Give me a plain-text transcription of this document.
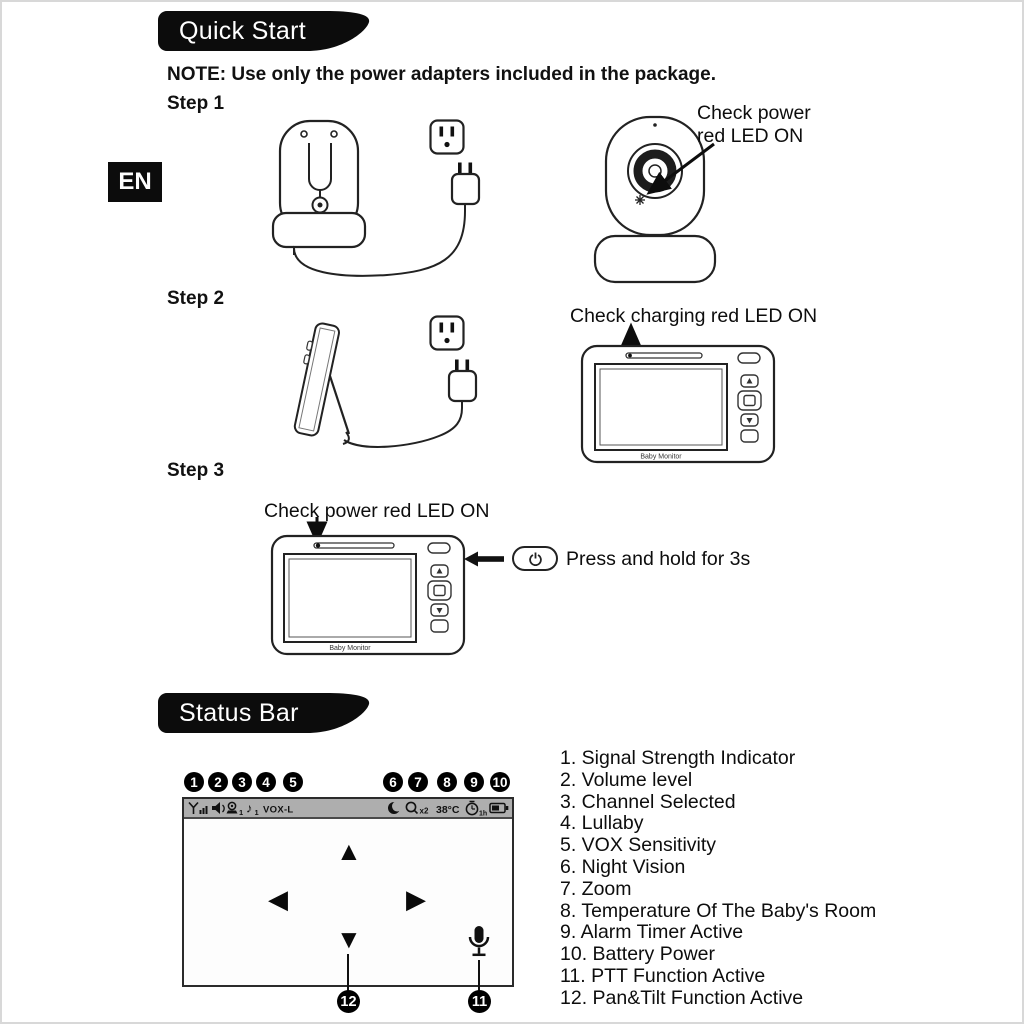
Quick Start
NOTE: Use only the power adapters included in the package.
EN
Step 1	Check power
red LED ON
Step 2
Check charging red LED ON
Baby Monitor
Step 3
Check power red LED ON
Baby Monitor
Press and hold for 3s
Status Bar
1	2	3	4	5	6	7	8	9	10
1 ♪ 1 VOX-L	x2 38°C	1h
▲
◀	▶
▼
12	11
1. Signal Strength Indicator
2. Volume level
3. Channel Selected
4. Lullaby
5. VOX Sensitivity
6. Night Vision
7. Zoom
8. Temperature Of The Baby's Room
9. Alarm Timer Active
10. Battery Power
11. PTT Function Active
12. Pan&Tilt Function Active
